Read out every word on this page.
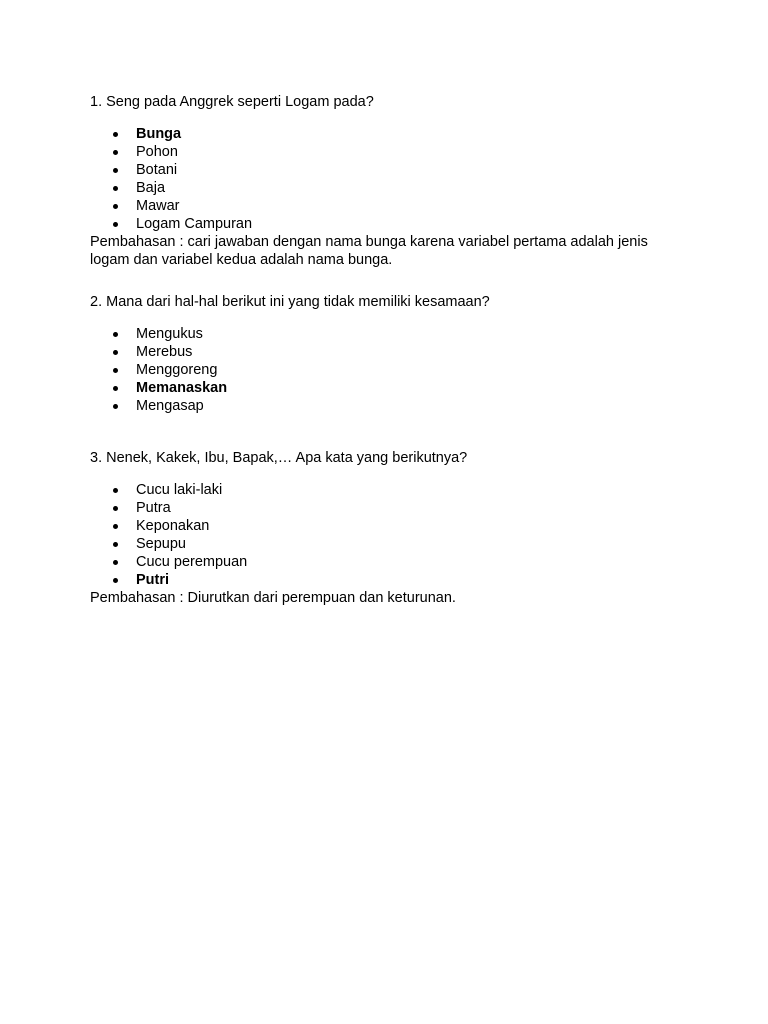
1. Seng pada Anggrek seperti Logam pada?

Bunga
Pohon
Botani
Baja
Mawar
Logam Campuran

Pembahasan : cari jawaban dengan nama bunga karena variabel pertama adalah jenis logam dan variabel kedua adalah nama bunga.

2. Mana dari hal-hal berikut ini yang tidak memiliki kesamaan?

Mengukus
Merebus
Menggoreng
Memanaskan
Mengasap

3. Nenek, Kakek, Ibu, Bapak,… Apa kata yang berikutnya?

Cucu laki-laki
Putra
Keponakan
Sepupu
Cucu perempuan
Putri

Pembahasan : Diurutkan dari perempuan dan keturunan.
